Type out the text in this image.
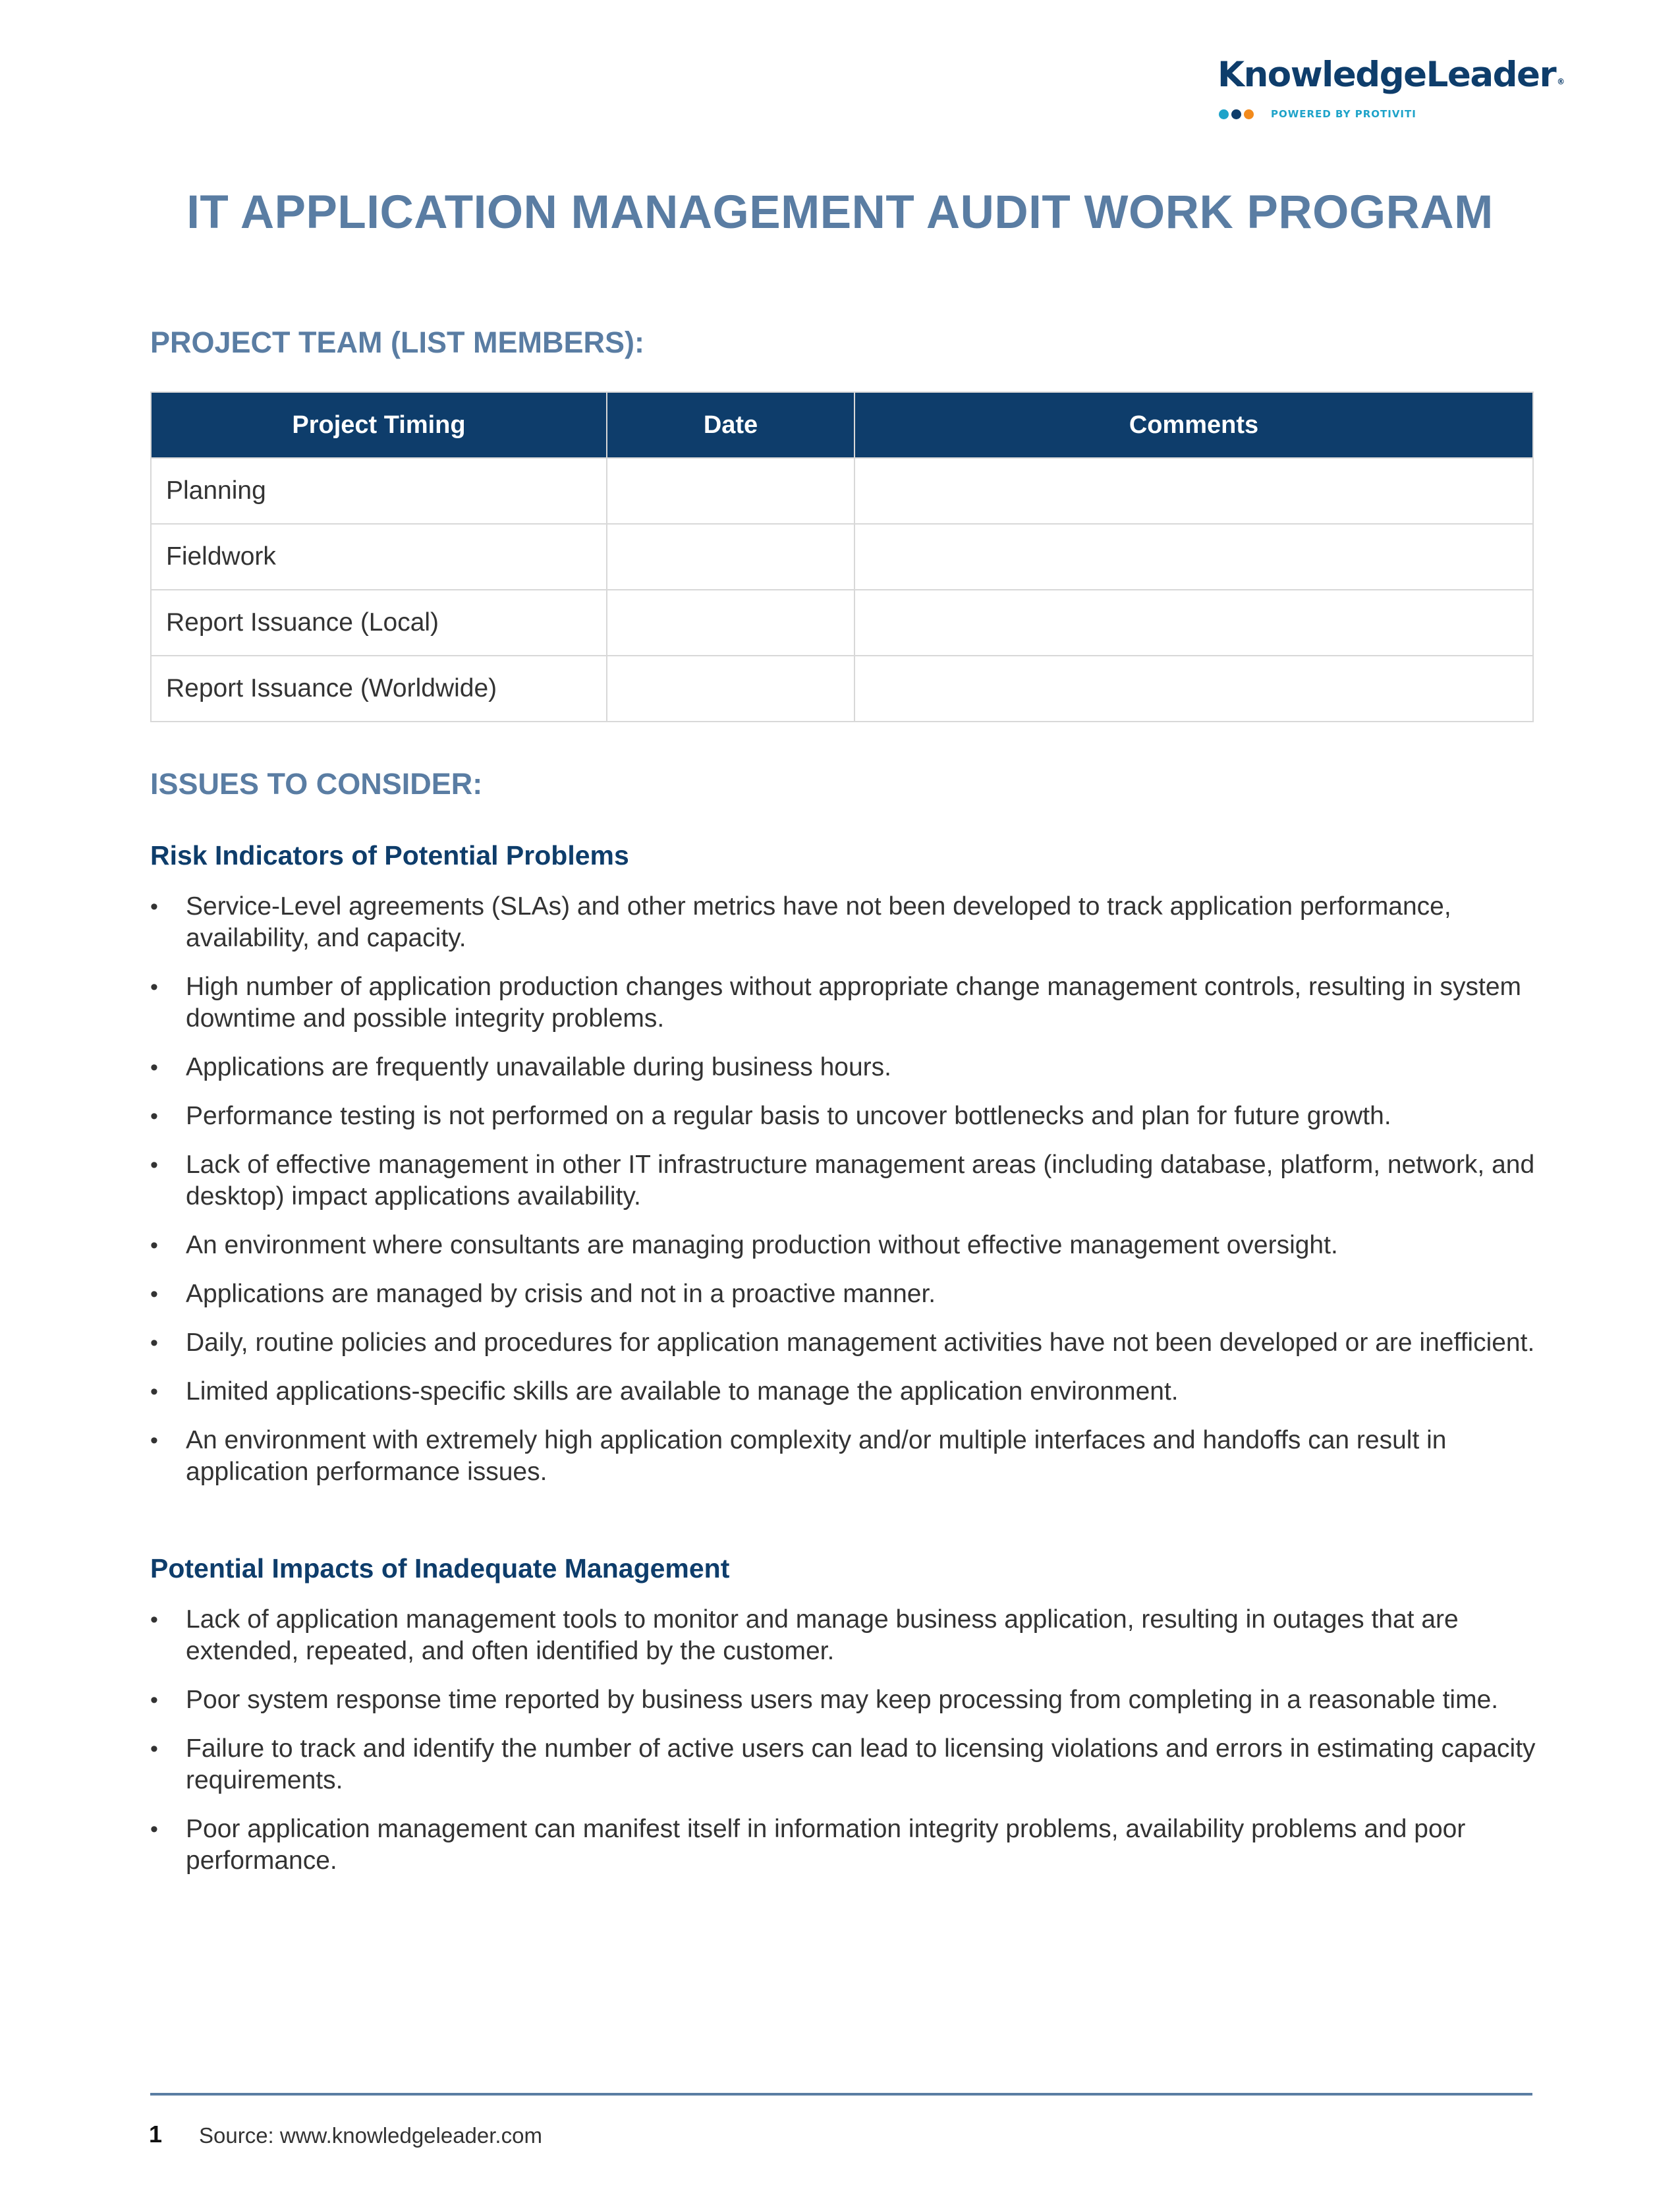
KnowledgeLeader ®
POWERED BY PROTIVITI
IT APPLICATION MANAGEMENT AUDIT WORK PROGRAM
PROJECT TEAM (LIST MEMBERS):
Project Timing	Date	Comments
Planning		
Fieldwork		
Report Issuance (Local)		
Report Issuance (Worldwide)		
ISSUES TO CONSIDER:
Risk Indicators of Potential Problems
• Service-Level agreements (SLAs) and other metrics have not been developed to track application performance, availability, and capacity.
• High number of application production changes without appropriate change management controls, resulting in system downtime and possible integrity problems.
• Applications are frequently unavailable during business hours.
• Performance testing is not performed on a regular basis to uncover bottlenecks and plan for future growth.
• Lack of effective management in other IT infrastructure management areas (including database, platform, network, and desktop) impact applications availability.
• An environment where consultants are managing production without effective management oversight.
• Applications are managed by crisis and not in a proactive manner.
• Daily, routine policies and procedures for application management activities have not been developed or are inefficient.
• Limited applications-specific skills are available to manage the application environment.
• An environment with extremely high application complexity and/or multiple interfaces and handoffs can result in application performance issues.
Potential Impacts of Inadequate Management
• Lack of application management tools to monitor and manage business application, resulting in outages that are extended, repeated, and often identified by the customer.
• Poor system response time reported by business users may keep processing from completing in a reasonable time.
• Failure to track and identify the number of active users can lead to licensing violations and errors in estimating capacity requirements.
• Poor application management can manifest itself in information integrity problems, availability problems and poor performance.
1 Source: www.knowledgeleader.com
